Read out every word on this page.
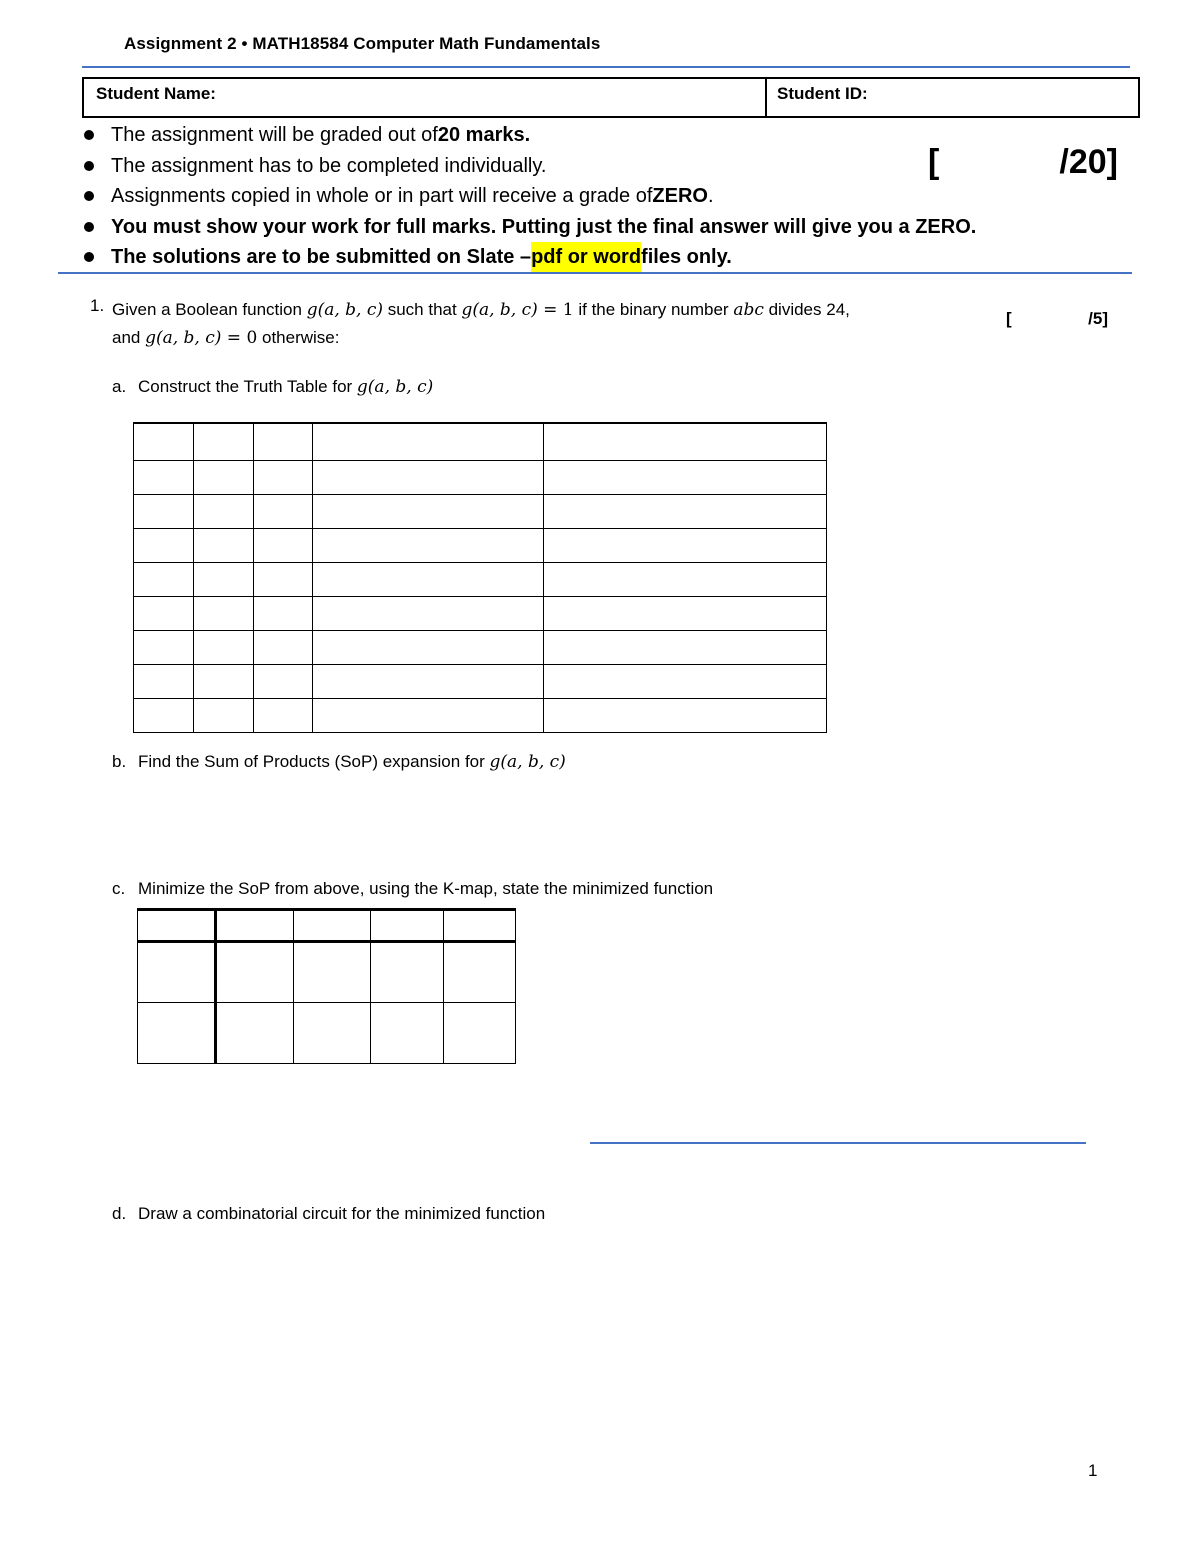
Assignment 2 • MATH18584 Computer Math Fundamentals
Student Name:	Student ID:
The assignment will be graded out of 20 marks.
The assignment has to be completed individually.
Assignments copied in whole or in part will receive a grade of ZERO .
You must show your work for full marks. Putting just the final answer will give you a ZERO.
The solutions are to be submitted on Slate – pdf or word files only.
[	/20]
1. Given a Boolean function g(a, b, c) such that g(a, b, c) = 1 if the binary number abc divides 24,
and g(a, b, c) = 0 otherwise:
[	/5]
a. Construct the Truth Table for g(a, b, c)

b. Find the Sum of Products (SoP) expansion for g(a, b, c)
c. Minimize the SoP from above, using the K-map, state the minimized function

d. Draw a combinatorial circuit for the minimized function
1
